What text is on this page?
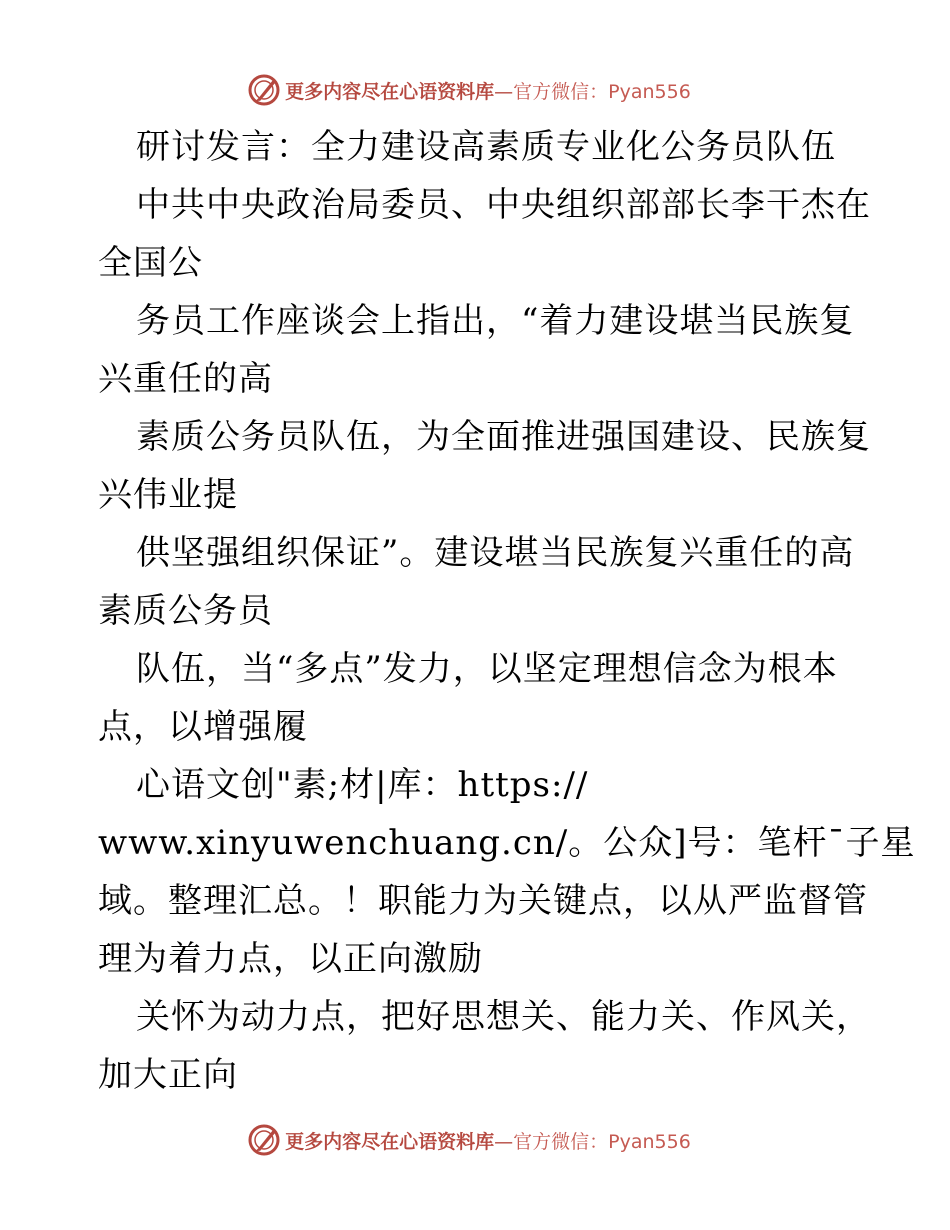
更多内容尽在心语资料库—官方微信：Pyan556
研讨发言：全力建设高素质专业化公务员队伍
中共中央政治局委员、中央组织部部长李干杰在
全国公
务员工作座谈会上指出，“着力建设堪当民族复
兴重任的高
素质公务员队伍，为全面推进强国建设、民族复
兴伟业提
供坚强组织保证”。建设堪当民族复兴重任的高
素质公务员
队伍，当“多点”发力，以坚定理想信念为根本
点，以增强履
心语文创"素;材|库：https://
www.xinyuwenchuang.cn/。公众]号：笔杆¯子星
域。整理汇总。！职能力为关键点，以从严监督管
理为着力点，以正向激励
关怀为动力点，把好思想关、能力关、作风关，
加大正向
更多内容尽在心语资料库—官方微信：Pyan556
